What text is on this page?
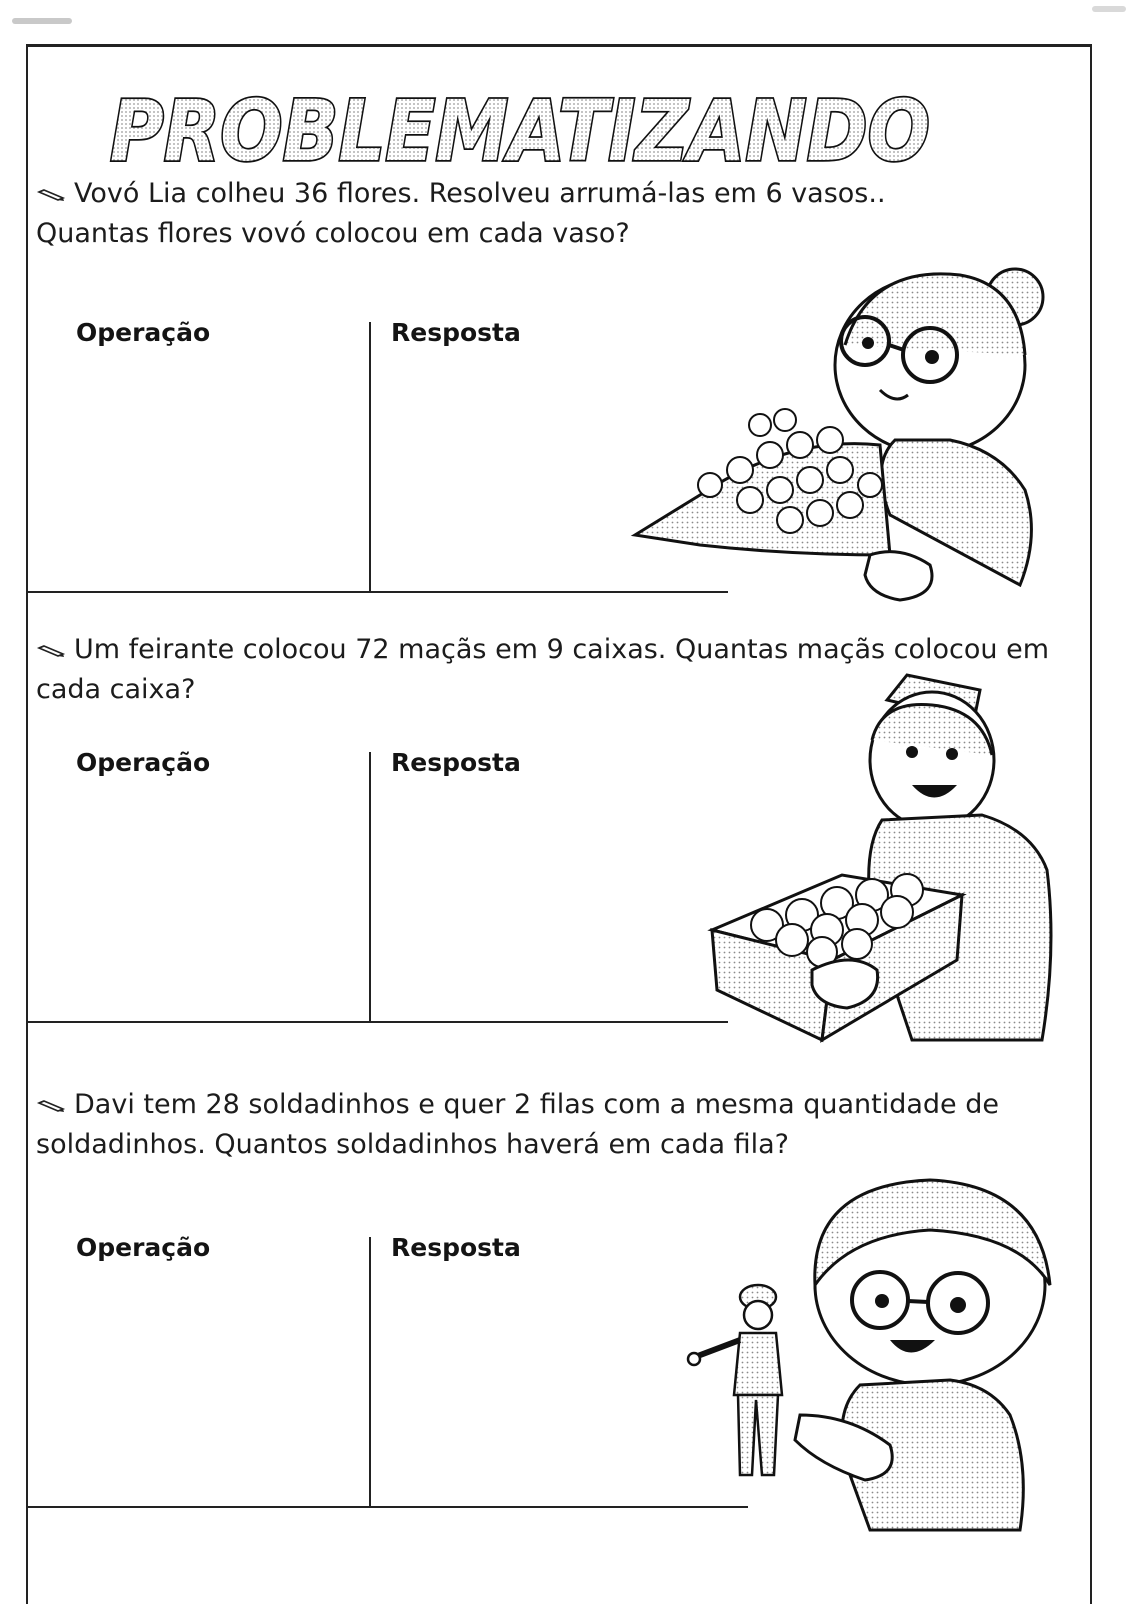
PROBLEMATIZANDO
Vovó Lia colheu 36 flores. Resolveu arrumá-las em 6 vasos..
Quantas flores vovó colocou em cada vaso?
Operação	Resposta
Um feirante colocou 72 maçãs em 9 caixas. Quantas maçãs colocou em
cada caixa?
Operação	Resposta
Davi tem 28 soldadinhos e quer 2 filas com a mesma quantidade de
soldadinhos. Quantos soldadinhos haverá em cada fila?
Operação	Resposta
